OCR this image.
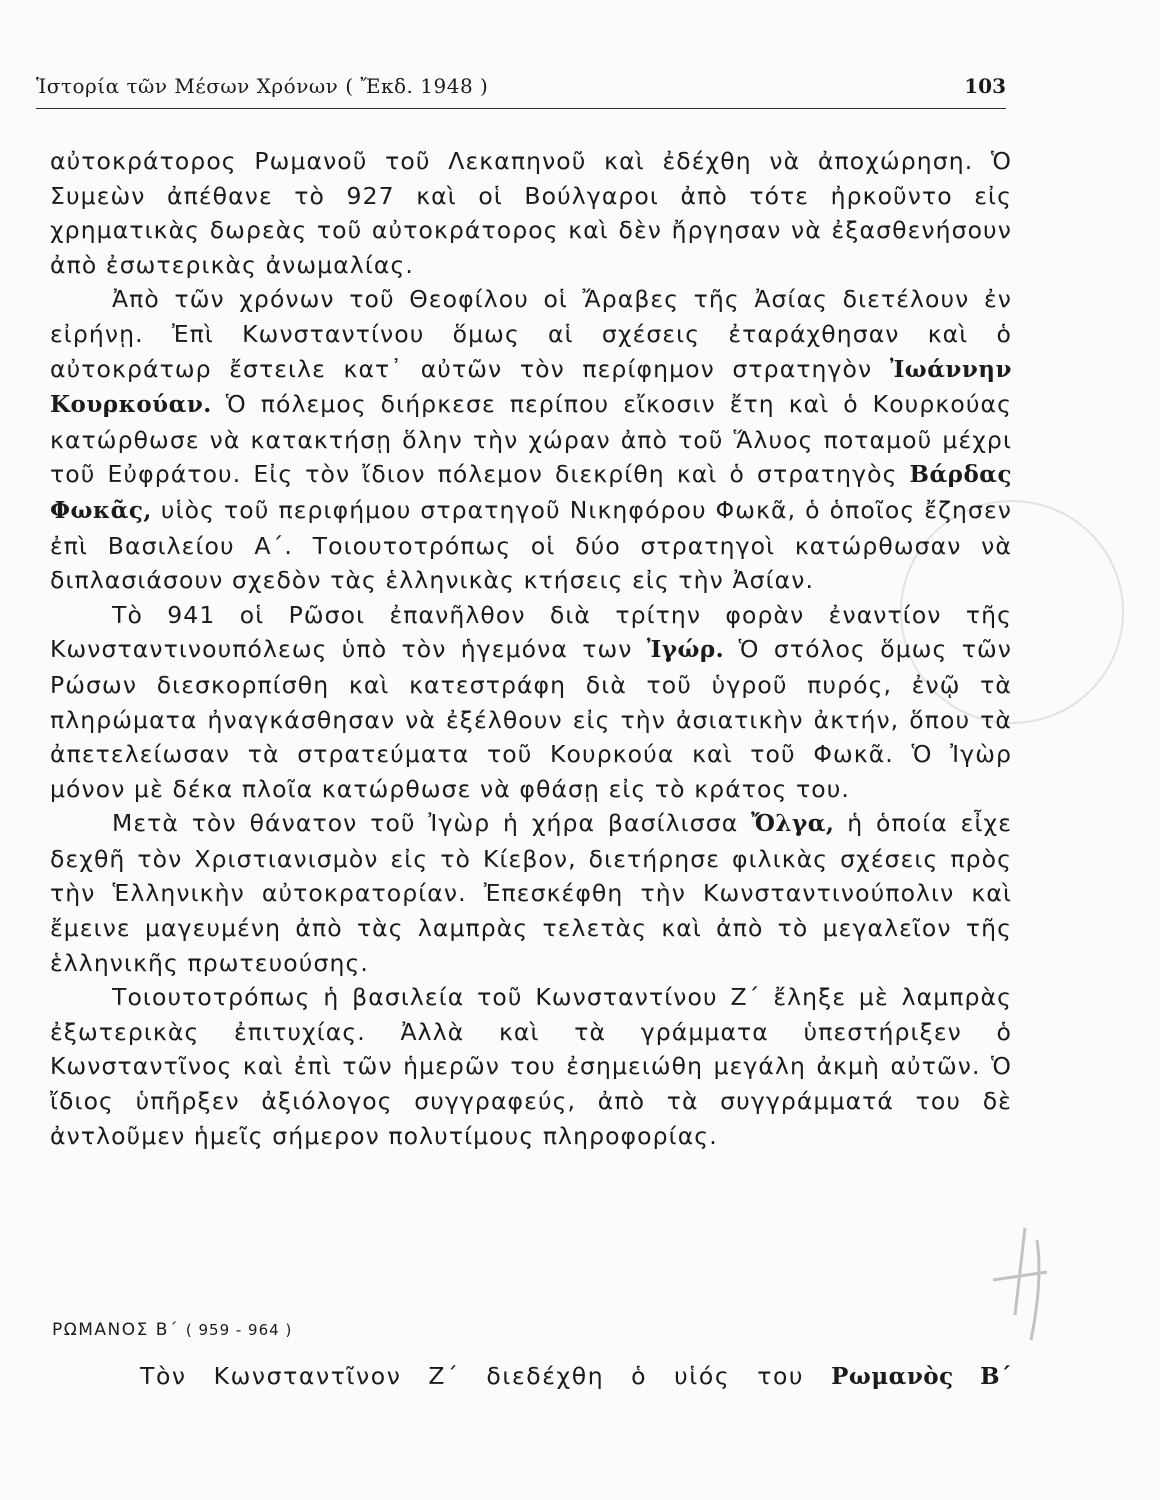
Ἱστορία τῶν Μέσων Χρόνων ( Ἔκδ. 1948 )	103

αὐτοκράτορος Ρωμανοῦ τοῦ Λεκαπηνοῦ καὶ ἐδέχθη νὰ ἀποχώρηση. Ὁ Συμεὼν ἀπέθανε τὸ 927 καὶ οἱ Βούλγαροι ἀπὸ τότε ἠρκοῦντο εἰς χρηματικὰς δωρεὰς τοῦ αὐτοκράτορος καὶ δὲν ἤργησαν νὰ ἐξασθενήσουν ἀπὸ ἐσωτερικὰς ἀνωμαλίας.

Ἀπὸ τῶν χρόνων τοῦ Θεοφίλου οἱ Ἄραβες τῆς Ἀσίας διετέλουν ἐν εἰρήνῃ. Ἐπὶ Κωνσταντίνου ὅμως αἱ σχέσεις ἐταράχθησαν καὶ ὁ αὐτοκράτωρ ἔστειλε κατ᾽ αὐτῶν τὸν περίφημον στρατηγὸν Ἰωάννην Κουρκούαν. Ὁ πόλεμος διήρκεσε περίπου εἴκοσιν ἔτη καὶ ὁ Κουρκούας κατώρθωσε νὰ κατακτήσῃ ὅλην τὴν χώραν ἀπὸ τοῦ Ἅλυος ποταμοῦ μέχρι τοῦ Εὐφράτου. Εἰς τὸν ἴδιον πόλεμον διεκρίθη καὶ ὁ στρατηγὸς Βάρδας Φωκᾶς, υἱὸς τοῦ περιφήμου στρατηγοῦ Νικηφόρου Φωκᾶ, ὁ ὁποῖος ἔζησεν ἐπὶ Βασιλείου Α΄. Τοιουτοτρόπως οἱ δύο στρατηγοὶ κατώρθωσαν νὰ διπλασιάσουν σχεδὸν τὰς ἑλληνικὰς κτήσεις εἰς τὴν Ἀσίαν.

Τὸ 941 οἱ Ρῶσοι ἐπανῆλθον διὰ τρίτην φορὰν ἐναντίον τῆς Κωνσταντινουπόλεως ὑπὸ τὸν ἡγεμόνα των Ἰγώρ. Ὁ στόλος ὅμως τῶν Ρώσων διεσκορπίσθη καὶ κατεστράφη διὰ τοῦ ὑγροῦ πυρός, ἐνῷ τὰ πληρώματα ἠναγκάσθησαν νὰ ἐξέλθουν εἰς τὴν ἀσιατικὴν ἀκτήν, ὅπου τὰ ἀπετελείωσαν τὰ στρατεύματα τοῦ Κουρκούα καὶ τοῦ Φωκᾶ. Ὁ Ἰγὼρ μόνον μὲ δέκα πλοῖα κατώρθωσε νὰ φθάσῃ εἰς τὸ κράτος του.

Μετὰ τὸν θάνατον τοῦ Ἰγὼρ ἡ χήρα βασίλισσα Ὄλγα, ἡ ὁποία εἶχε δεχθῆ τὸν Χριστιανισμὸν εἰς τὸ Κίεβον, διετήρησε φιλικὰς σχέσεις πρὸς τὴν Ἑλληνικὴν αὐτοκρατορίαν. Ἐπεσκέφθη τὴν Κωνσταντινούπολιν καὶ ἔμεινε μαγευμένη ἀπὸ τὰς λαμπρὰς τελετὰς καὶ ἀπὸ τὸ μεγαλεῖον τῆς ἑλληνικῆς πρωτευούσης.

Τοιουτοτρόπως ἡ βασιλεία τοῦ Κωνσταντίνου Ζ΄ ἔληξε μὲ λαμπρὰς ἐξωτερικὰς ἐπιτυχίας. Ἀλλὰ καὶ τὰ γράμματα ὑπεστήριξεν ὁ Κωνσταντῖνος καὶ ἐπὶ τῶν ἡμερῶν του ἐσημειώθη μεγάλη ἀκμὴ αὐτῶν. Ὁ ἴδιος ὑπῆρξεν ἀξιόλογος συγγραφεύς, ἀπὸ τὰ συγγράμματά του δὲ ἀντλοῦμεν ἡμεῖς σήμερον πολυτίμους πληροφορίας.

ΡΩΜΑΝΟΣ Β΄ ( 959 - 964 )
Τὸν Κωνσταντῖνον Ζ΄ διεδέχθη ὁ υἱός του Ρωμανὸς Β΄
